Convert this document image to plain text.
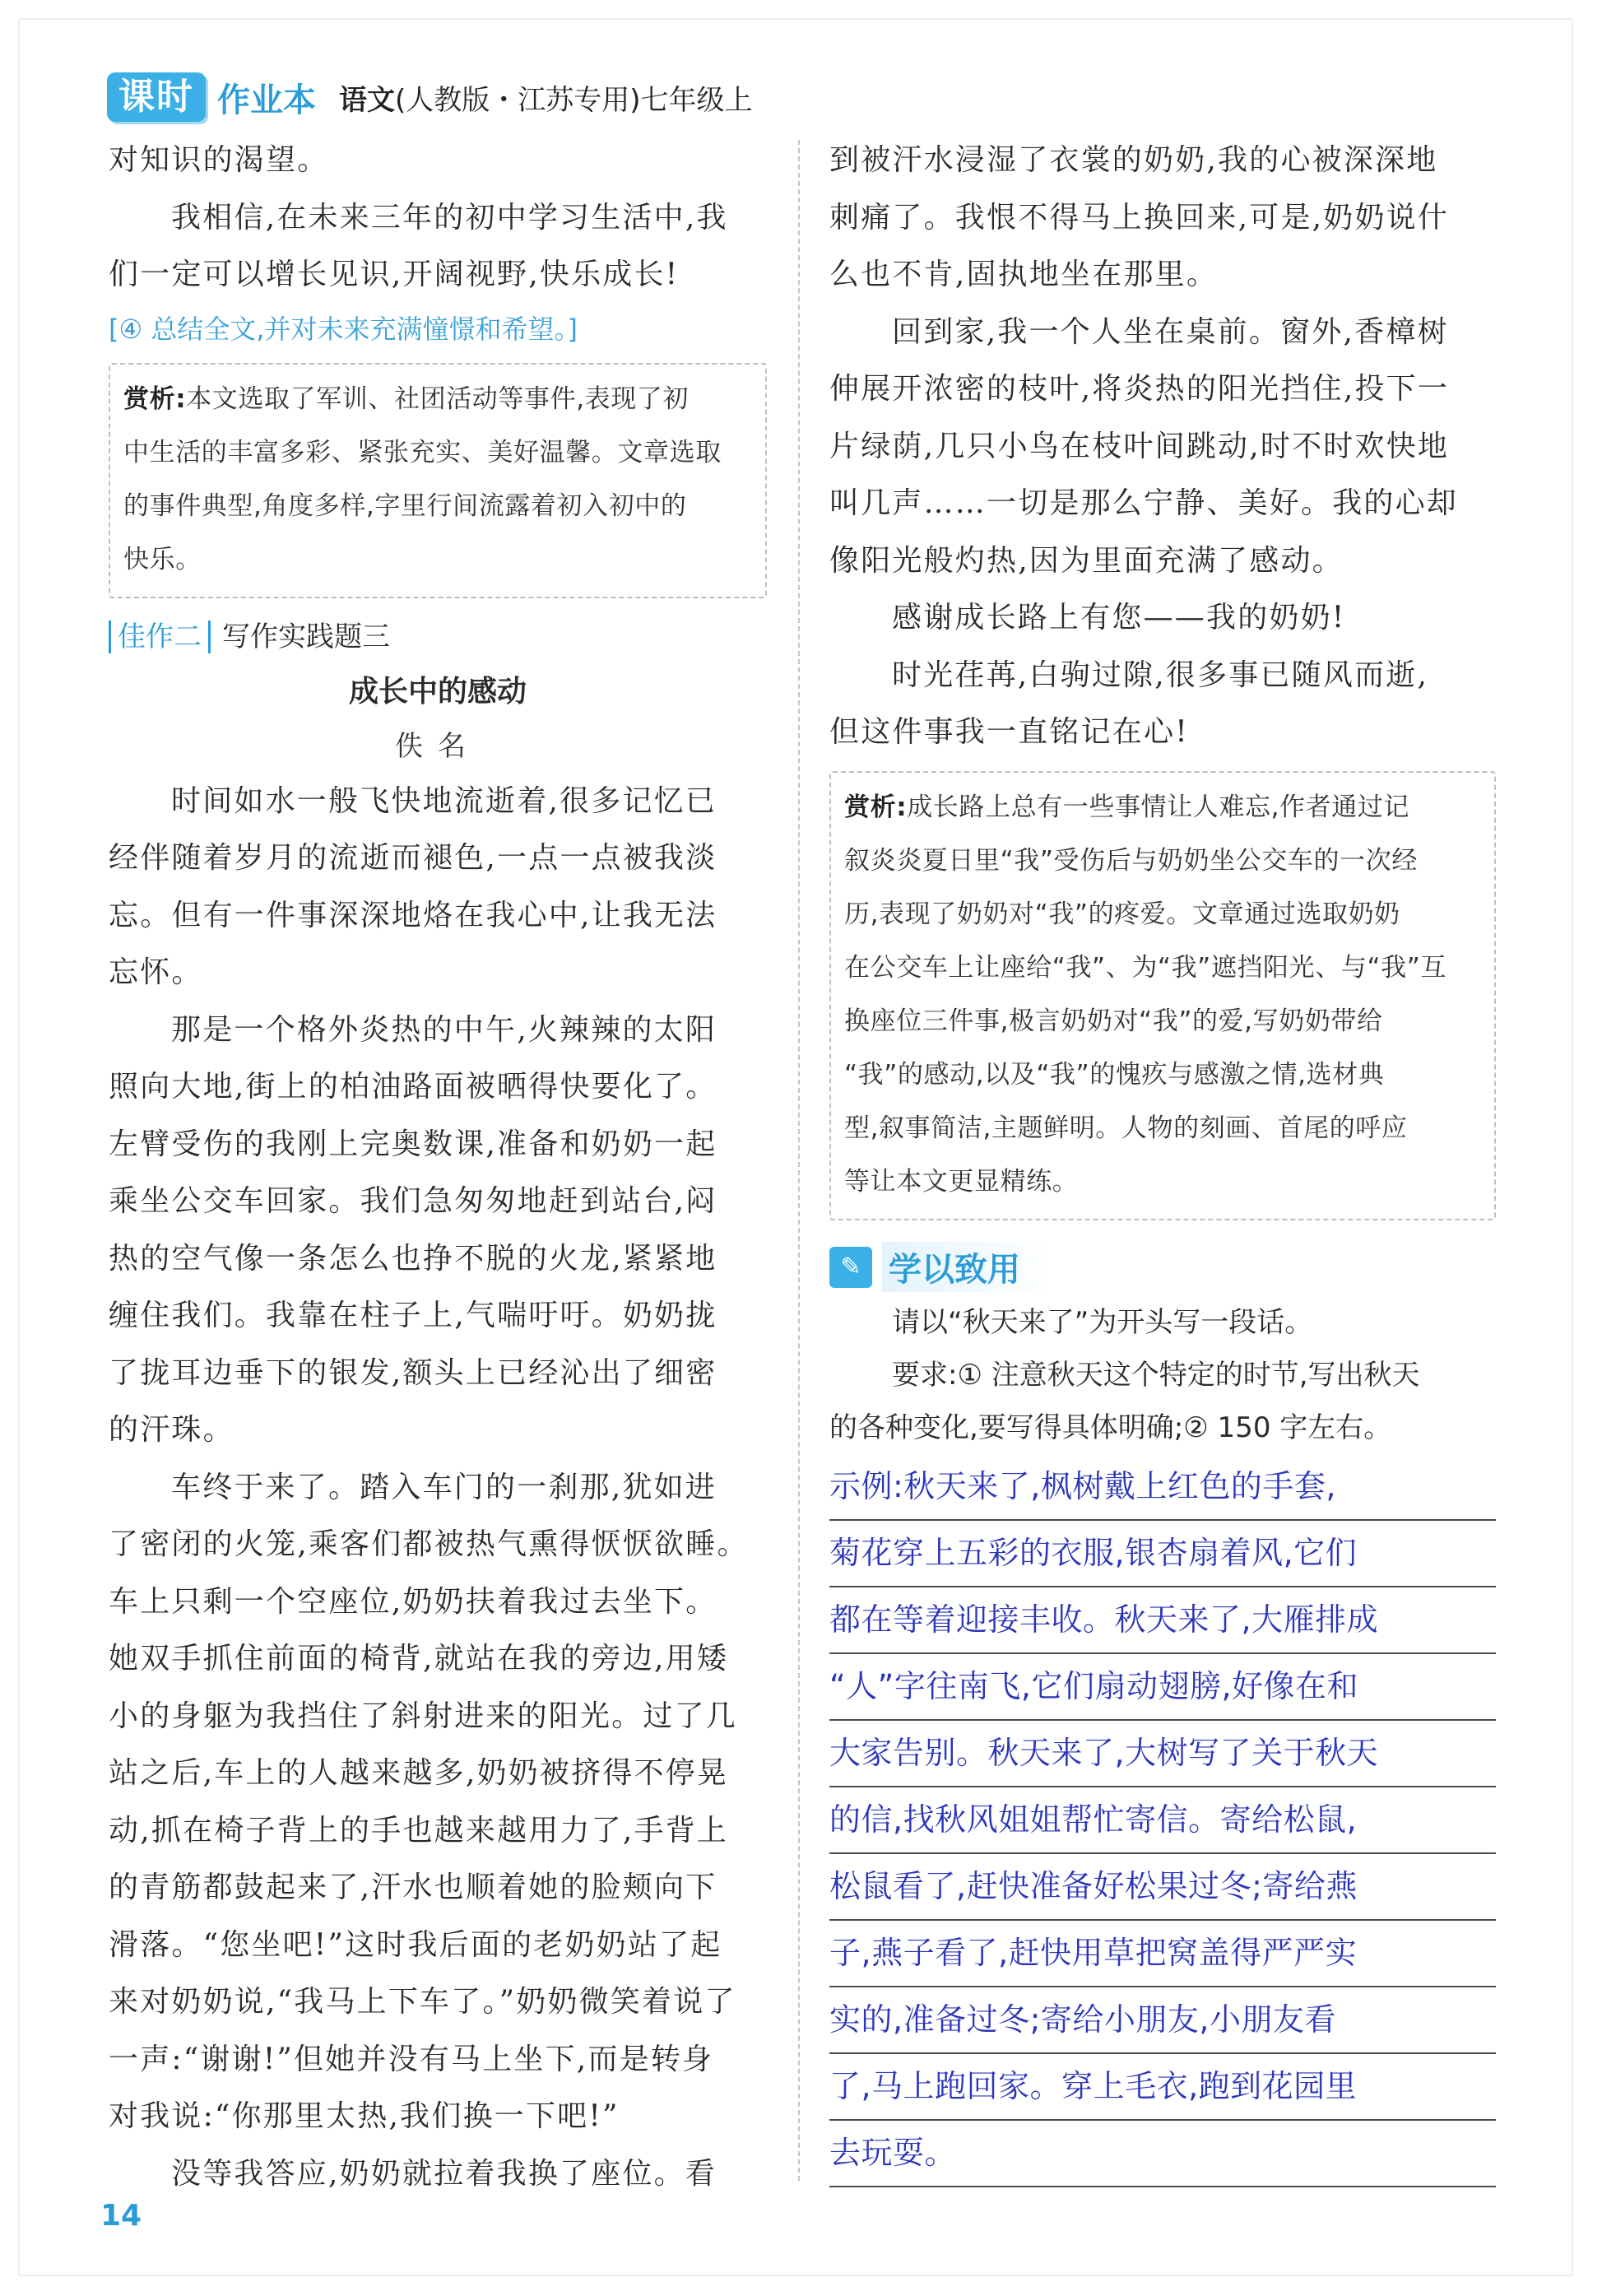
课时 作业本 语文(人教版・江苏专用)七年级上
对知识的渴望。
我相信,在未来三年的初中学习生活中,我
们一定可以增长见识,开阔视野,快乐成长!
[④ 总结全文,并对未来充满憧憬和希望。]
赏析:本文选取了军训、社团活动等事件,表现了初
中生活的丰富多彩、紧张充实、美好温馨。文章选取
的事件典型,角度多样,字里行间流露着初入初中的
快乐。
佳作二 写作实践题三
成长中的感动
佚名
时间如水一般飞快地流逝着,很多记忆已
经伴随着岁月的流逝而褪色,一点一点被我淡
忘。但有一件事深深地烙在我心中,让我无法
忘怀。
那是一个格外炎热的中午,火辣辣的太阳
照向大地,街上的柏油路面被晒得快要化了。
左臂受伤的我刚上完奥数课,准备和奶奶一起
乘坐公交车回家。我们急匆匆地赶到站台,闷
热的空气像一条怎么也挣不脱的火龙,紧紧地
缠住我们。我靠在柱子上,气喘吁吁。奶奶拢
了拢耳边垂下的银发,额头上已经沁出了细密
的汗珠。
车终于来了。踏入车门的一刹那,犹如进
了密闭的火笼,乘客们都被热气熏得恹恹欲睡。
车上只剩一个空座位,奶奶扶着我过去坐下。
她双手抓住前面的椅背,就站在我的旁边,用矮
小的身躯为我挡住了斜射进来的阳光。过了几
站之后,车上的人越来越多,奶奶被挤得不停晃
动,抓在椅子背上的手也越来越用力了,手背上
的青筋都鼓起来了,汗水也顺着她的脸颊向下
滑落。“您坐吧!”这时我后面的老奶奶站了起
来对奶奶说,“我马上下车了。”奶奶微笑着说了
一声:“谢谢!”但她并没有马上坐下,而是转身
对我说:“你那里太热,我们换一下吧!”
没等我答应,奶奶就拉着我换了座位。看
到被汗水浸湿了衣裳的奶奶,我的心被深深地
刺痛了。我恨不得马上换回来,可是,奶奶说什
么也不肯,固执地坐在那里。
回到家,我一个人坐在桌前。窗外,香樟树
伸展开浓密的枝叶,将炎热的阳光挡住,投下一
片绿荫,几只小鸟在枝叶间跳动,时不时欢快地
叫几声……一切是那么宁静、美好。我的心却
像阳光般灼热,因为里面充满了感动。
感谢成长路上有您——我的奶奶!
时光荏苒,白驹过隙,很多事已随风而逝,
但这件事我一直铭记在心!
赏析:成长路上总有一些事情让人难忘,作者通过记
叙炎炎夏日里“我”受伤后与奶奶坐公交车的一次经
历,表现了奶奶对“我”的疼爱。文章通过选取奶奶
在公交车上让座给“我”、为“我”遮挡阳光、与“我”互
换座位三件事,极言奶奶对“我”的爱,写奶奶带给
“我”的感动,以及“我”的愧疚与感激之情,选材典
型,叙事简洁,主题鲜明。人物的刻画、首尾的呼应
等让本文更显精练。
✎ 学以致用
请以“秋天来了”为开头写一段话。
要求:① 注意秋天这个特定的时节,写出秋天
的各种变化,要写得具体明确;② 150 字左右。
示例:秋天来了,枫树戴上红色的手套,
菊花穿上五彩的衣服,银杏扇着风,它们
都在等着迎接丰收。秋天来了,大雁排成
“人”字往南飞,它们扇动翅膀,好像在和
大家告别。秋天来了,大树写了关于秋天
的信,找秋风姐姐帮忙寄信。寄给松鼠,
松鼠看了,赶快准备好松果过冬;寄给燕
子,燕子看了,赶快用草把窝盖得严严实
实的,准备过冬;寄给小朋友,小朋友看
了,马上跑回家。穿上毛衣,跑到花园里
去玩耍。
14
